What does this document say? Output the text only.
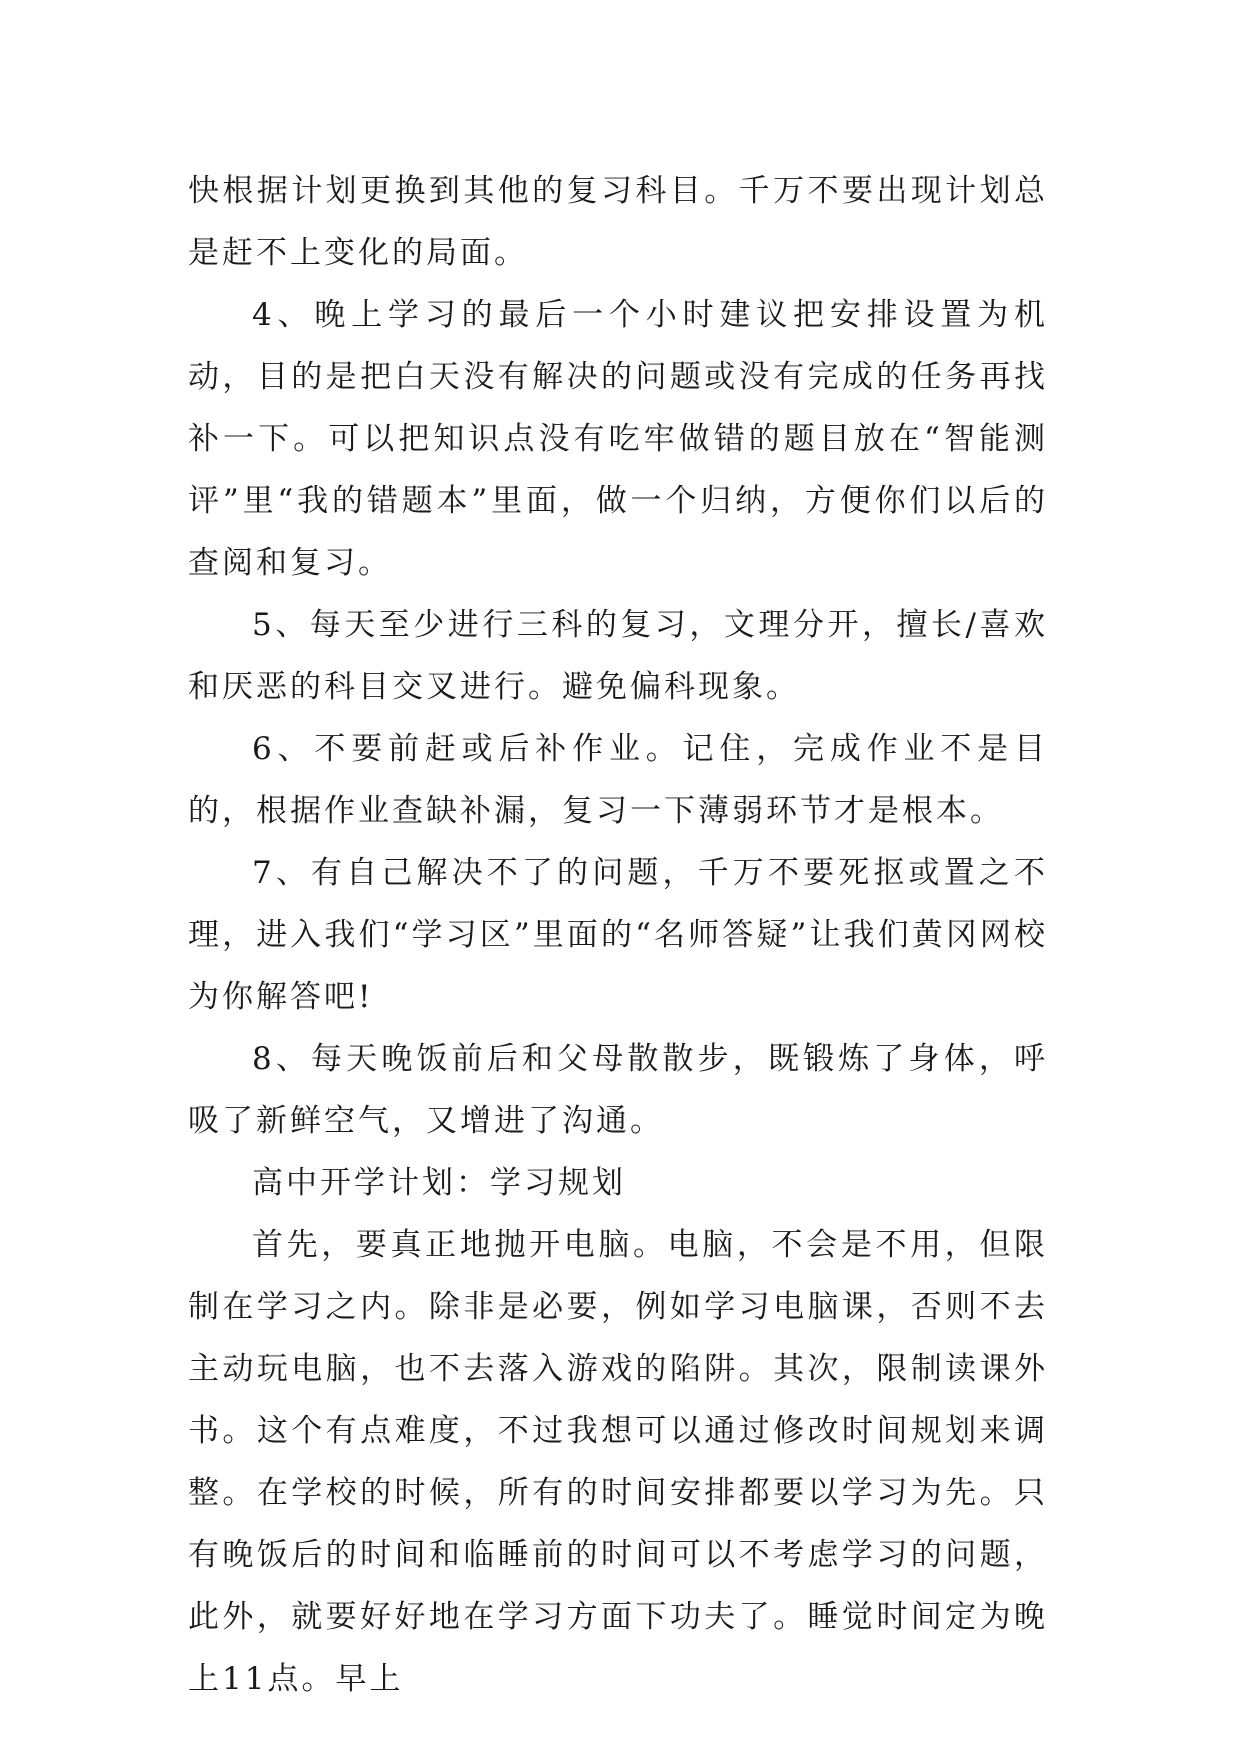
快根据计划更换到其他的复习科目。千万不要出现计划总是赶不上变化的局面。

4、晚上学习的最后一个小时建议把安排设置为机动，目的是把白天没有解决的问题或没有完成的任务再找补一下。可以把知识点没有吃牢做错的题目放在“智能测评”里“我的错题本”里面，做一个归纳，方便你们以后的查阅和复习。

5、每天至少进行三科的复习，文理分开，擅长/喜欢和厌恶的科目交叉进行。避免偏科现象。

6、不要前赶或后补作业。记住，完成作业不是目的，根据作业查缺补漏，复习一下薄弱环节才是根本。

7、有自己解决不了的问题，千万不要死抠或置之不理，进入我们“学习区”里面的“名师答疑”让我们黄冈网校为你解答吧!

8、每天晚饭前后和父母散散步，既锻炼了身体，呼吸了新鲜空气，又增进了沟通。

高中开学计划：学习规划

首先，要真正地抛开电脑。电脑，不会是不用，但限制在学习之内。除非是必要，例如学习电脑课，否则不去主动玩电脑，也不去落入游戏的陷阱。其次，限制读课外书。这个有点难度，不过我想可以通过修改时间规划来调整。在学校的时候，所有的时间安排都要以学习为先。只有晚饭后的时间和临睡前的时间可以不考虑学习的问题，此外，就要好好地在学习方面下功夫了。睡觉时间定为晚上11点。早上
